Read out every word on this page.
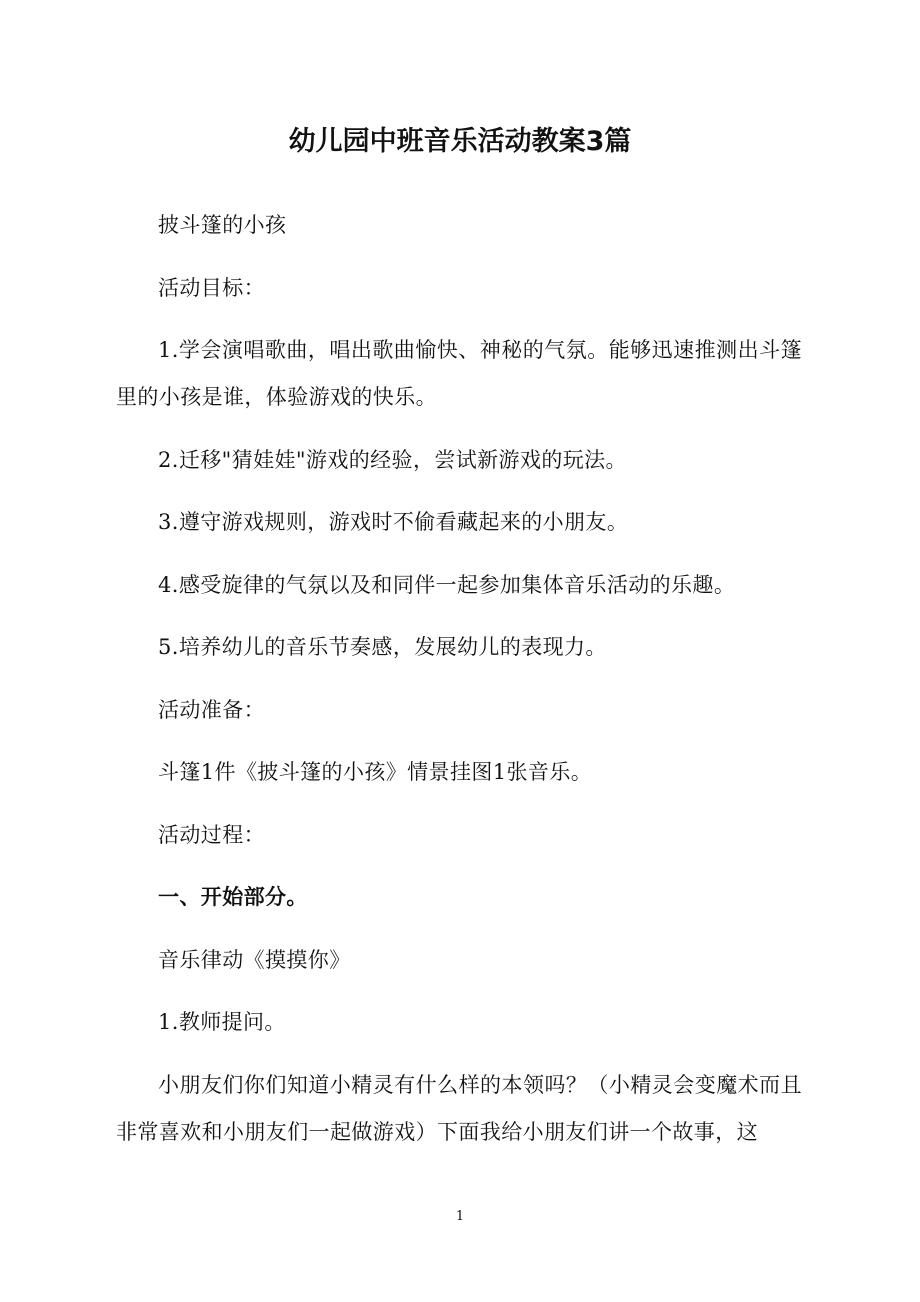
幼儿园中班音乐活动教案3篇

披斗篷的小孩

活动目标：

1.学会演唱歌曲，唱出歌曲愉快、神秘的气氛。能够迅速推测出斗篷里的小孩是谁，体验游戏的快乐。

2.迁移"猜娃娃"游戏的经验，尝试新游戏的玩法。

3.遵守游戏规则，游戏时不偷看藏起来的小朋友。

4.感受旋律的气氛以及和同伴一起参加集体音乐活动的乐趣。

5.培养幼儿的音乐节奏感，发展幼儿的表现力。

活动准备：

斗篷1件《披斗篷的小孩》情景挂图1张音乐。

活动过程：

一、开始部分。

音乐律动《摸摸你》

1.教师提问。

小朋友们你们知道小精灵有什么样的本领吗？（小精灵会变魔术而且非常喜欢和小朋友们一起做游戏）下面我给小朋友们讲一个故事，这

1
